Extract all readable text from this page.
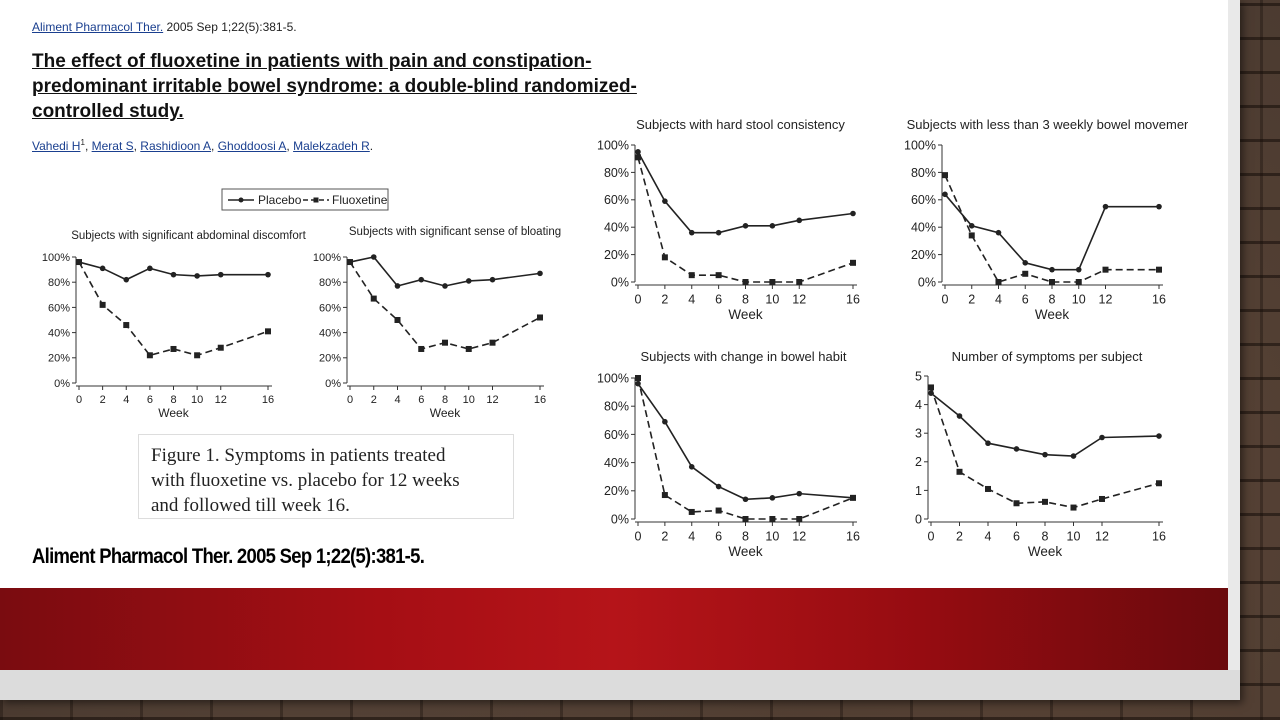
Aliment Pharmacol Ther. 2005 Sep 1;22(5):381-5.
The effect of fluoxetine in patients with pain and constipation-predominant irritable bowel syndrome: a double-blind randomized-controlled study.
Vahedi $H^1$, Merat S, Rashidioon A, Ghoddoosi A, Malekzadeh R.
Placebo	Fluoxetine
Subjects with significant abdominal discomfort
0%
20%
40%
60%
80%
100%
0 2 4 6 8 10 12	16
Week
Subjects with significant sense of bloating
0%
20%
40%
60%
80%
100%
0 2 4 6 8 10 12	16
Week
Subjects with hard stool consistency
0%
20%
40%
60%
80%
100%
0 2 4 6 8 10 12	16
Week
Subjects with less than 3 weekly bowel movements
0%
20%
40%
60%
80%
100%
0 2 4 6 8 10 12	16
Week
Subjects with change in bowel habit
0%
20%
40%
60%
80%
100%
0 2 4 6 8 10 12	16
Week
Number of symptoms per subject
0
1
2
3
4
5
0 2 4 6 8 10 12	16
Week

Figure 1. Symptoms in patients treated
with fluoxetine vs. placebo for 12 weeks
and followed till week 16.

Aliment Pharmacol Ther. 2005 Sep 1;22(5):381-5.
